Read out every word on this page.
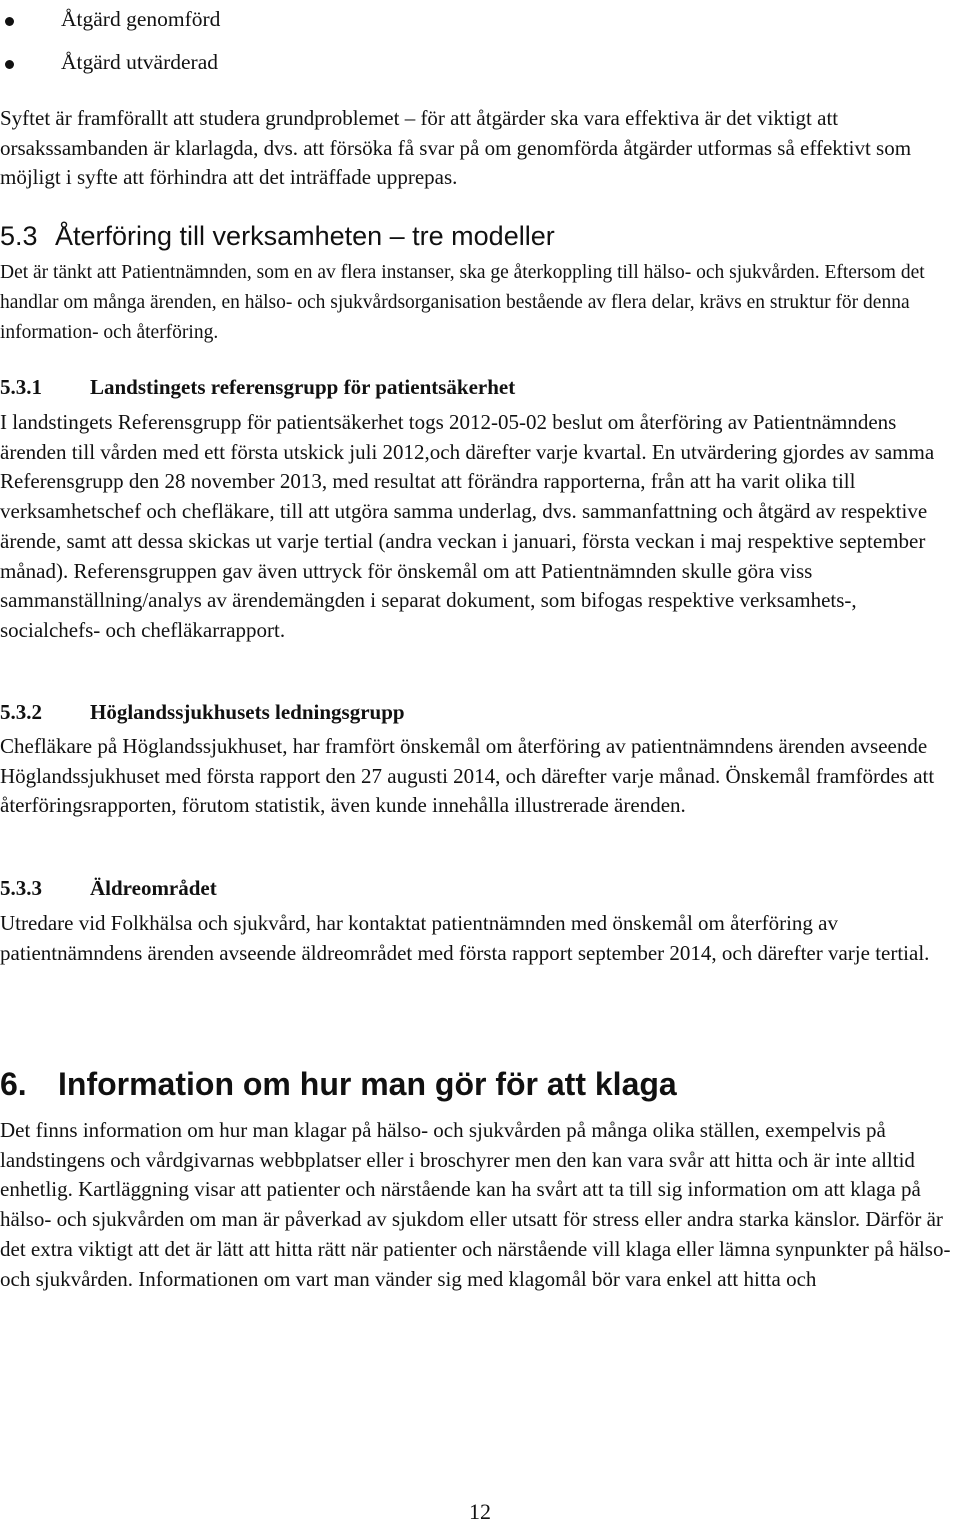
Åtgärd genomförd
Åtgärd utvärderad
Syftet är framförallt att studera grundproblemet – för att åtgärder ska vara effektiva är det viktigt att orsakssambanden är klarlagda, dvs. att försöka få svar på om genomförda åtgärder utformas så effektivt som möjligt i syfte att förhindra att det inträffade upprepas.
5.3 Återföring till verksamheten – tre modeller
Det är tänkt att Patientnämnden, som en av flera instanser, ska ge återkoppling till hälso- och sjukvården. Eftersom det handlar om många ärenden, en hälso- och sjukvårdsorganisation bestående av flera delar, krävs en struktur för denna information- och återföring.
5.3.1 Landstingets referensgrupp för patientsäkerhet
I landstingets Referensgrupp för patientsäkerhet togs 2012-05-02 beslut om återföring av Patientnämndens ärenden till vården med ett första utskick juli 2012,och därefter varje kvartal. En utvärdering gjordes av samma Referensgrupp den 28 november 2013, med resultat att förändra rapporterna, från att ha varit olika till verksamhetschef och chefläkare, till att utgöra samma underlag, dvs. sammanfattning och åtgärd av respektive ärende, samt att dessa skickas ut varje tertial (andra veckan i januari, första veckan i maj respektive september månad). Referensgruppen gav även uttryck för önskemål om att Patientnämnden skulle göra viss sammanställning/analys av ärendemängden i separat dokument, som bifogas respektive verksamhets-, socialchefs- och chefläkarrapport.
5.3.2 Höglandssjukhusets ledningsgrupp
Chefläkare på Höglandssjukhuset, har framfört önskemål om återföring av patientnämndens ärenden avseende Höglandssjukhuset med första rapport den 27 augusti 2014, och därefter varje månad. Önskemål framfördes att återföringsrapporten, förutom statistik, även kunde innehålla illustrerade ärenden.
5.3.3 Äldreområdet
Utredare vid Folkhälsa och sjukvård, har kontaktat patientnämnden med önskemål om återföring av patientnämndens ärenden avseende äldreområdet med första rapport september 2014, och därefter varje tertial.
6. Information om hur man gör för att klaga
Det finns information om hur man klagar på hälso- och sjukvården på många olika ställen, exempelvis på landstingens och vårdgivarnas webbplatser eller i broschyrer men den kan vara svår att hitta och är inte alltid enhetlig. Kartläggning visar att patienter och närstående kan ha svårt att ta till sig information om att klaga på hälso- och sjukvården om man är påverkad av sjukdom eller utsatt för stress eller andra starka känslor. Därför är det extra viktigt att det är lätt att hitta rätt när patienter och närstående vill klaga eller lämna synpunkter på hälso- och sjukvården. Informationen om vart man vänder sig med klagomål bör vara enkel att hitta och
12
